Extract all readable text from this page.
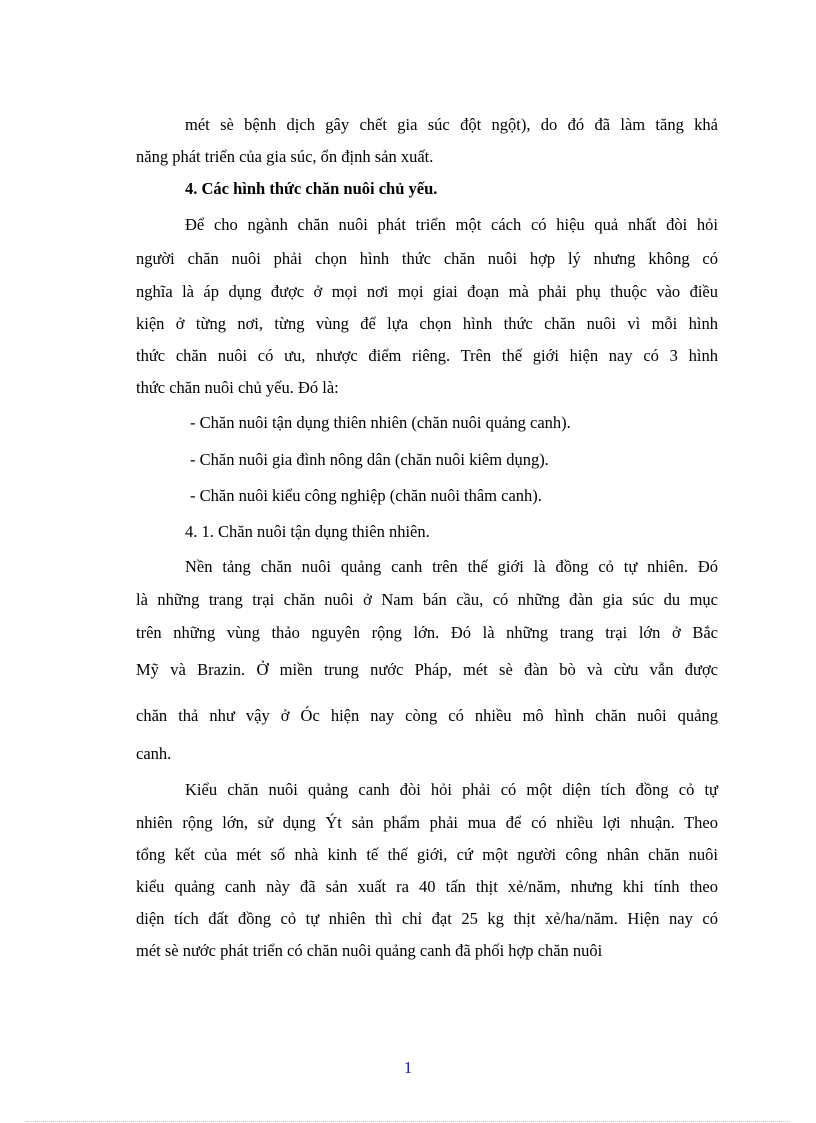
mét sè bệnh dịch gây chết gia súc đột ngột), do đó đã làm tăng khả
năng phát triển của gia súc, ổn định sản xuất.
4. Các hình thức chăn nuôi chủ yếu.
Để cho ngành chăn nuôi phát triển một cách có hiệu quả nhất đòi hỏi
người chăn nuôi phải chọn hình thức chăn nuôi hợp lý nhưng không có
nghĩa là áp dụng được ở mọi nơi mọi giai đoạn mà phải phụ thuộc vào điều
kiện ở từng nơi, từng vùng để lựa chọn hình thức chăn nuôi vì mỗi hình
thức chăn nuôi có ưu, nhược điểm riêng. Trên thế giới hiện nay có 3 hình
thức chăn nuôi chủ yếu. Đó là:
- Chăn nuôi tận dụng thiên nhiên (chăn nuôi quảng canh).
- Chăn nuôi gia đình nông dân (chăn nuôi kiêm dụng).
- Chăn nuôi kiểu công nghiệp (chăn nuôi thâm canh).
4. 1. Chăn nuôi tận dụng thiên nhiên.
Nền tảng chăn nuôi quảng canh trên thế giới là đồng cỏ tự nhiên. Đó
là những trang trại chăn nuôi ở Nam bán cầu, có những đàn gia súc du mục
trên những vùng thảo nguyên rộng lớn. Đó là những trang trại lớn ở Bắc
Mỹ và Brazin. Ở miền trung nước Pháp, mét sè đàn bò và cừu vẫn được
chăn thả như vậy ở Óc hiện nay còng có nhiều mô hình chăn nuôi quảng
canh.
Kiểu chăn nuôi quảng canh đòi hỏi phải có một diện tích đồng cỏ tự
nhiên rộng lớn, sử dụng Ýt sản phẩm phải mua để có nhiều lợi nhuận. Theo
tổng kết của mét số nhà kinh tế thế giới, cứ một người công nhân chăn nuôi
kiểu quảng canh này đã sản xuất ra 40 tấn thịt xẻ/năm, nhưng khi tính theo
diện tích đất đồng cỏ tự nhiên thì chỉ đạt 25 kg thịt xẻ/ha/năm. Hiện nay có
mét sè nước phát triển có chăn nuôi quảng canh đã phối hợp chăn nuôi
1
